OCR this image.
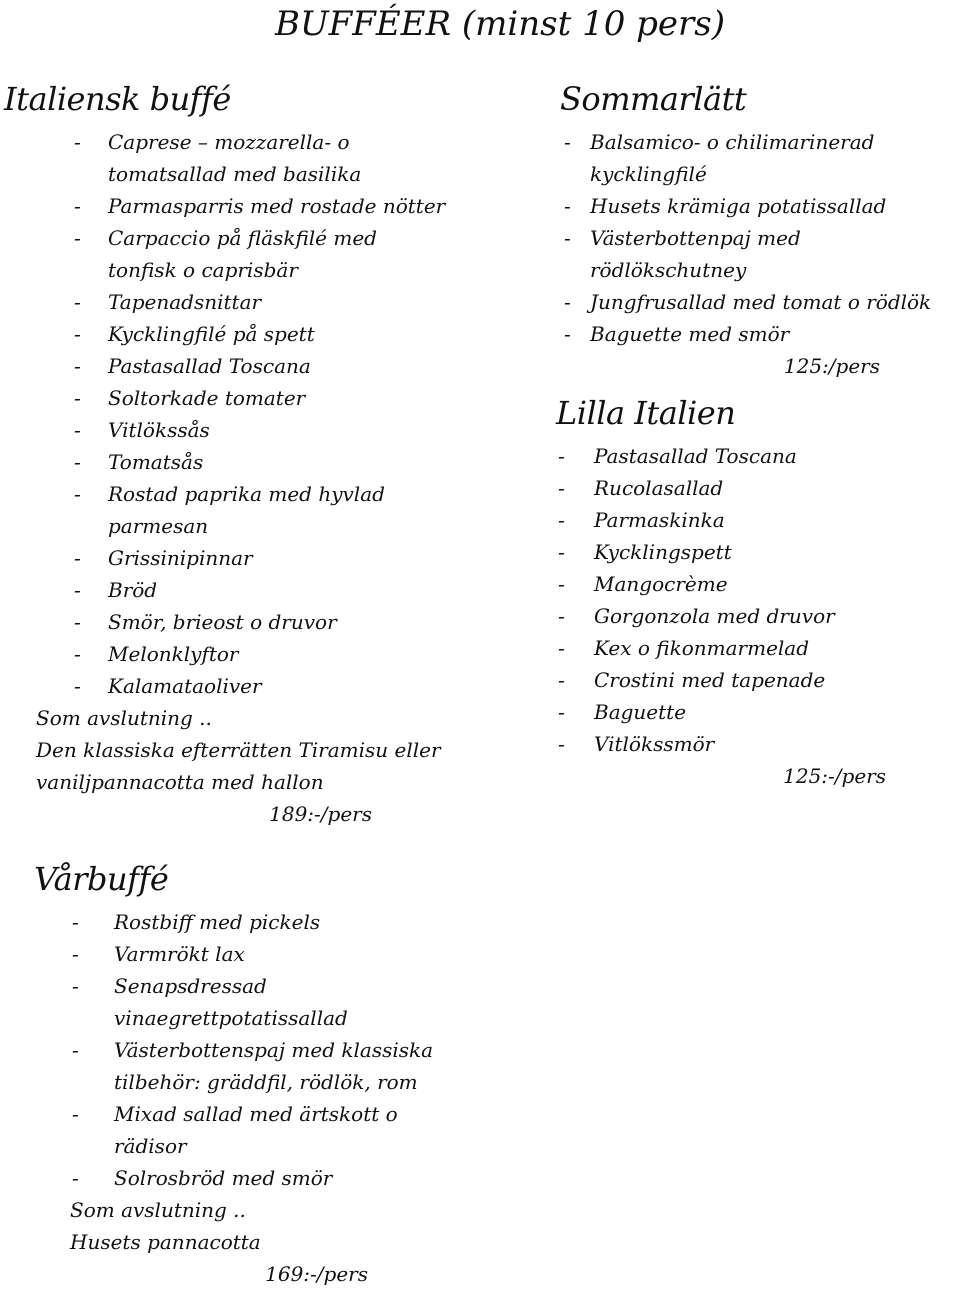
BUFFÉER (minst 10 pers)
Italiensk buffé
- Caprese – mozzarella- o
tomatsallad med basilika
- Parmasparris med rostade nötter
- Carpaccio på fläskfilé med
tonfisk o caprisbär
- Tapenadsnittar
- Kycklingfilé på spett
- Pastasallad Toscana
- Soltorkade tomater
- Vitlökssås
- Tomatsås
- Rostad paprika med hyvlad
parmesan
- Grissinipinnar
- Bröd
- Smör, brieost o druvor
- Melonklyftor
- Kalamataoliver
Som avslutning ..
Den klassiska efterrätten Tiramisu eller
vaniljpannacotta med hallon
189:-/pers
Vårbuffé
- Rostbiff med pickels
- Varmrökt lax
- Senapsdressad
vinaegrettpotatissallad
- Västerbottenspaj med klassiska
tilbehör: gräddfil, rödlök, rom
- Mixad sallad med ärtskott o
rädisor
- Solrosbröd med smör
Som avslutning ..
Husets pannacotta
169:-/pers
Sommarlätt
- Balsamico- o chilimarinerad
kycklingfilé
- Husets krämiga potatissallad
- Västerbottenpaj med rödlökschutney
- Jungfrusallad med tomat o rödlök
- Baguette med smör
125:/pers
Lilla Italien
- Pastasallad Toscana
- Rucolasallad
- Parmaskinka
- Kycklingspett
- Mangocrème
- Gorgonzola med druvor
- Kex o fikonmarmelad
- Crostini med tapenade
- Baguette
- Vitlökssmör
125:-/pers
